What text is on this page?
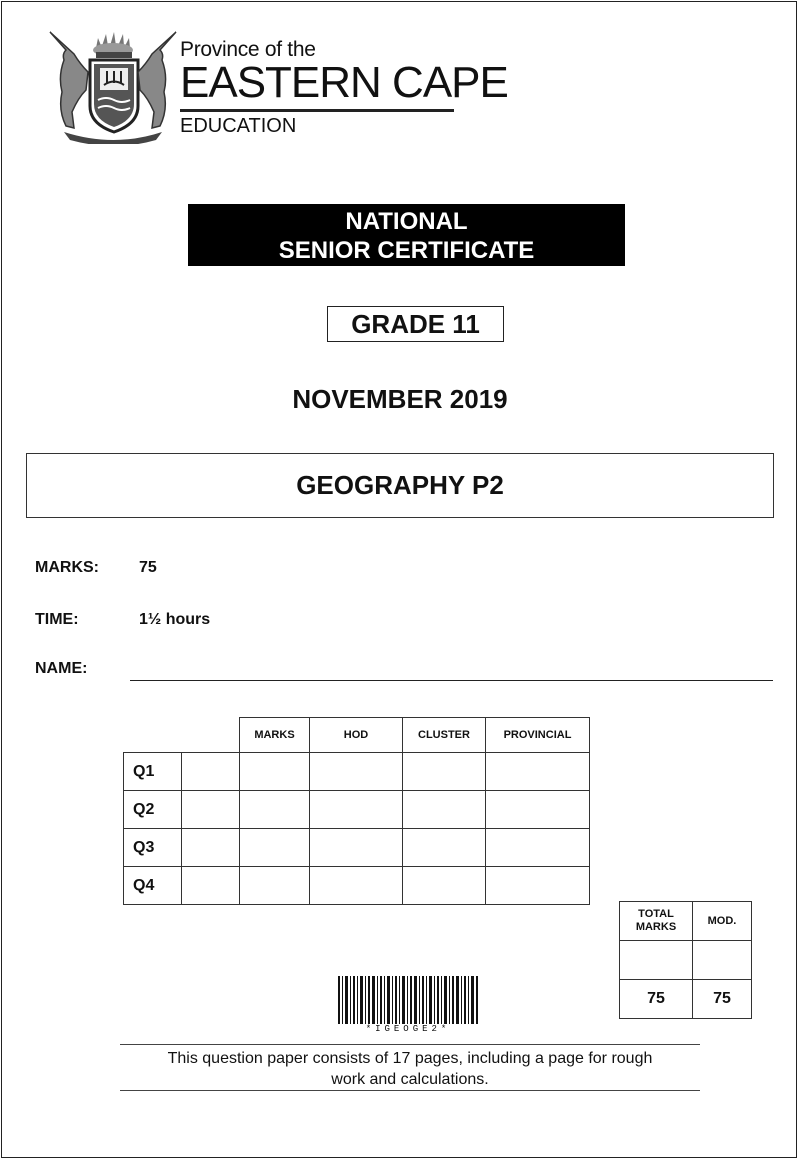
Province of the
EASTERN CAPE
EDUCATION
NATIONAL
SENIOR CERTIFICATE
GRADE 11
NOVEMBER 2019
GEOGRAPHY P2
MARKS:	75
TIME:	1½ hours
NAME:
		MARKS	HOD	CLUSTER	PROVINCIAL
Q1					
Q2					
Q3					
Q4					
TOTAL
MARKS	MOD.

75	75
*IGEOGE2*
This question paper consists of 17 pages, including a page for rough
work and calculations.
